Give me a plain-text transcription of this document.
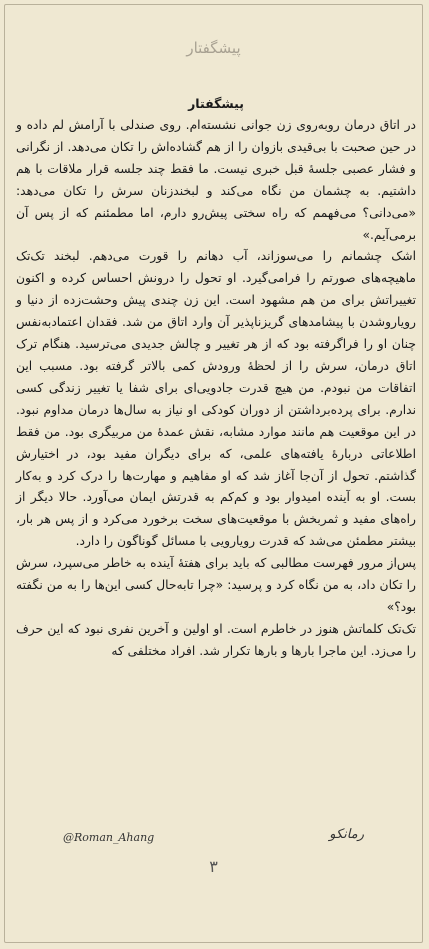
پیشگفتار

پیشگفتار

در اتاق درمان روبه‌روی زن جوانی نشسته‌ام. روی صندلی با آرامش لم داده و در حین صحبت با بی‌قیدی بازوان را از هم گشاده‌اش را تکان می‌دهد. از نگرانی و فشار عصبی جلسهٔ قبل خبری نیست. ما فقط چند جلسه قرار ملاقات با هم داشتیم. به چشمان من نگاه می‌کند و لبخندزنان سرش را تکان می‌دهد: «می‌دانی؟ می‌فهمم که راه سختی پیش‌رو دارم، اما مطمئنم که از پس آن برمی‌آیم.»

اشک چشمانم را می‌سوزاند، آب دهانم را قورت می‌دهم. لبخند تک‌تک ماهیچه‌های صورتم را فرامی‌گیرد. او تحول را درونش احساس کرده و اکنون تغییراتش برای من هم مشهود است. این زن چندی پیش وحشت‌زده از دنیا و رویاروشدن با پیشامدهای گریزناپذیر آن وارد اتاق من شد. فقدان اعتمادبه‌نفس چنان او را فراگرفته بود که از هر تغییر و چالش جدیدی می‌ترسید. هنگام ترک اتاق درمان، سرش را از لحظهٔ ورودش کمی بالاتر گرفته بود. مسبب این اتفاقات من نبودم. من هیچ قدرت جادویی‌ای برای شفا یا تغییر زندگی کسی ندارم. برای پرده‌برداشتن از دوران کودکی او نیاز به سال‌ها درمان مداوم نبود. در این موقعیت هم مانند موارد مشابه، نقش عمدهٔ من مربیگری بود. من فقط اطلاعاتی دربارهٔ یافته‌های علمی، که برای دیگران مفید بود، در اختیارش گذاشتم. تحول از آن‌جا آغاز شد که او مفاهیم و مهارت‌ها را درک کرد و به‌کار بست. او به آینده امیدوار بود و کم‌کم به قدرتش ایمان می‌آورد. حالا دیگر از راه‌های مفید و ثمربخش با موقعیت‌های سخت برخورد می‌کرد و از پس هر بار، بیشتر مطمئن می‌شد که قدرت رویارویی با مسائل گوناگون را دارد.

پس‌از مرور فهرست مطالبی که باید برای هفتهٔ آینده به خاطر می‌سپرد، سرش را تکان داد، به من نگاه کرد و پرسید: «چرا تابه‌حال کسی این‌ها را به من نگفته بود؟»

تک‌تک کلماتش هنوز در خاطرم است. او اولین و آخرین نفری نبود که این حرف را می‌زد. این ماجرا بارها و بارها تکرار شد. افراد مختلفی که

@Roman_Ahang	رمانکو
۳
